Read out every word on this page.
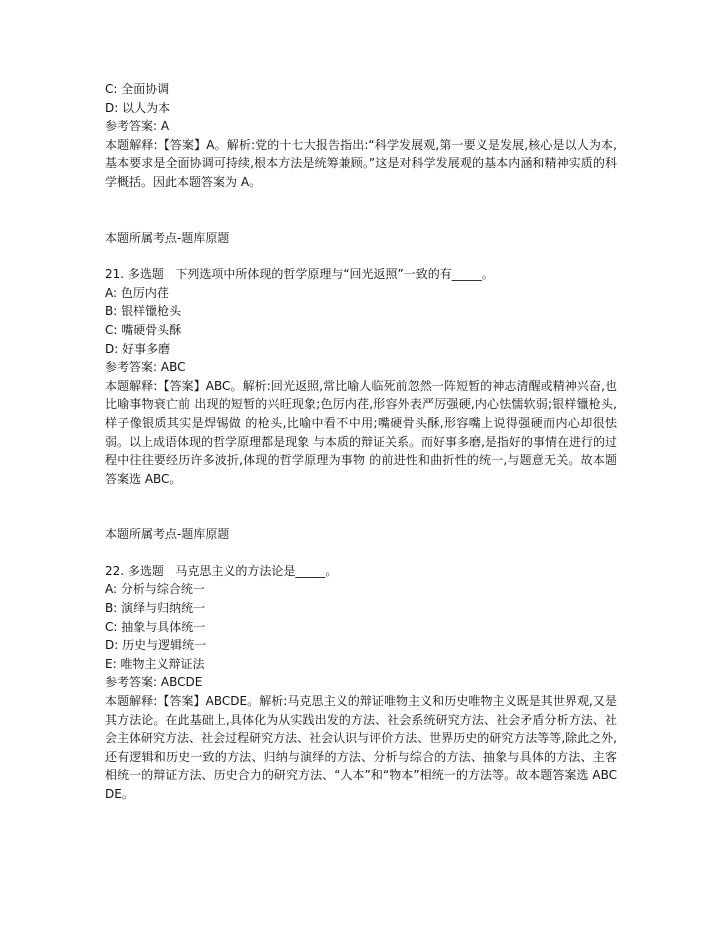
C: 全面协调
D: 以人为本
参考答案: A
本题解释:【答案】A。解析:党的十七大报告指出:“科学发展观,第一要义是发展,核心是以人为本,基本要求是全面协调可持续,根本方法是统筹兼顾。”这是对科学发展观的基本内涵和精神实质的科学概括。因此本题答案为 A。
本题所属考点-题库原题
21. 多选题   下列选项中所体现的哲学原理与“回光返照”一致的有_____。
A: 色厉内荏
B: 银样镴枪头
C: 嘴硬骨头酥
D: 好事多磨
参考答案: ABC
本题解释:【答案】ABC。解析:回光返照,常比喻人临死前忽然一阵短暂的神志清醒或精神兴奋,也比喻事物衰亡前 出现的短暂的兴旺现象;色厉内荏,形容外表严厉强硬,内心怯懦软弱;银样镴枪头,样子像银质其实是焊锡做 的枪头,比喻中看不中用;嘴硬骨头酥,形容嘴上说得强硬而内心却很怯弱。以上成语体现的哲学原理都是现象 与本质的辩证关系。而好事多磨,是指好的事情在进行的过程中往往要经历许多波折,体现的哲学原理为事物 的前进性和曲折性的统一,与题意无关。故本题答案选 ABC。
本题所属考点-题库原题
22. 多选题   马克思主义的方法论是_____。
A: 分析与综合统一
B: 演绎与归纳统一
C: 抽象与具体统一
D: 历史与逻辑统一
E: 唯物主义辩证法
参考答案: ABCDE
本题解释:【答案】ABCDE。解析:马克思主义的辩证唯物主义和历史唯物主义既是其世界观,又是其方法论。在此基础上,具体化为从实践出发的方法、社会系统研究方法、社会矛盾分析方法、社会主体研究方法、社会过程研究方法、社会认识与评价方法、世界历史的研究方法等等,除此之外,还有逻辑和历史一致的方法、归纳与演绎的方法、分析与综合的方法、抽象与具体的方法、主客相统一的辩证方法、历史合力的研究方法、“人本”和“物本”相统一的方法等。故本题答案选 ABCDE。
